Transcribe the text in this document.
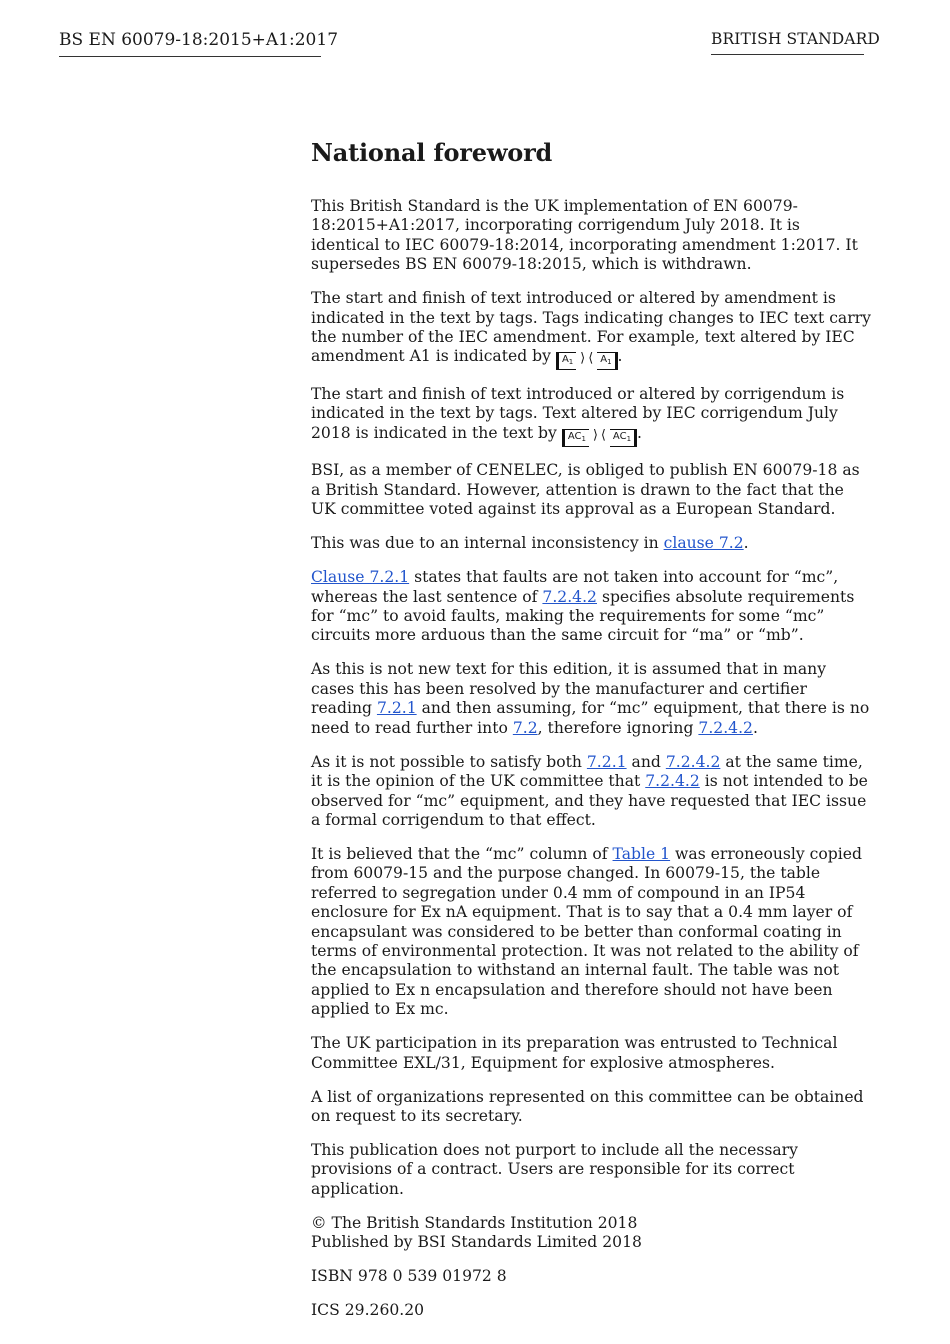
BS EN 60079-18:2015+A1:2017	BRITISH STANDARD
National foreword

This British Standard is the UK implementation of EN 60079-18:2015+A1:2017, incorporating corrigendum July 2018. It is identical to IEC 60079-18:2014, incorporating amendment 1:2017. It supersedes BS EN 60079-18:2015, which is withdrawn.

The start and finish of text introduced or altered by amendment is indicated in the text by tags. Tags indicating changes to IEC text carry the number of the IEC amendment. For example, text altered by IEC amendment A1 is indicated by $A_1$ ⟩	⟨ $A_1$ .

The start and finish of text introduced or altered by corrigendum is indicated in the text by tags. Text altered by IEC corrigendum July 2018 is indicated in the text by $AC_1$ ⟩	⟨ $AC_1$ .

BSI, as a member of CENELEC, is obliged to publish EN 60079-18 as a British Standard. However, attention is drawn to the fact that the UK committee voted against its approval as a European Standard.

This was due to an internal inconsistency in clause 7.2.

Clause 7.2.1 states that faults are not taken into account for “mc”, whereas the last sentence of 7.2.4.2 specifies absolute requirements for “mc” to avoid faults, making the requirements for some “mc” circuits more arduous than the same circuit for “ma” or “mb”.

As this is not new text for this edition, it is assumed that in many cases this has been resolved by the manufacturer and certifier reading 7.2.1 and then assuming, for “mc” equipment, that there is no need to read further into 7.2, therefore ignoring 7.2.4.2.

As it is not possible to satisfy both 7.2.1 and 7.2.4.2 at the same time, it is the opinion of the UK committee that 7.2.4.2 is not intended to be observed for “mc” equipment, and they have requested that IEC issue a formal corrigendum to that effect.

It is believed that the “mc” column of Table 1 was erroneously copied from 60079-15 and the purpose changed. In 60079-15, the table referred to segregation under 0.4 mm of compound in an IP54 enclosure for Ex nA equipment. That is to say that a 0.4 mm layer of encapsulant was considered to be better than conformal coating in terms of environmental protection. It was not related to the ability of the encapsulation to withstand an internal fault. The table was not applied to Ex n encapsulation and therefore should not have been applied to Ex mc.

The UK participation in its preparation was entrusted to Technical Committee EXL/31, Equipment for explosive atmospheres.

A list of organizations represented on this committee can be obtained on request to its secretary.

This publication does not purport to include all the necessary provisions of a contract. Users are responsible for its correct application.

© The British Standards Institution 2018
Published by BSI Standards Limited 2018

ISBN 978 0 539 01972 8

ICS 29.260.20
